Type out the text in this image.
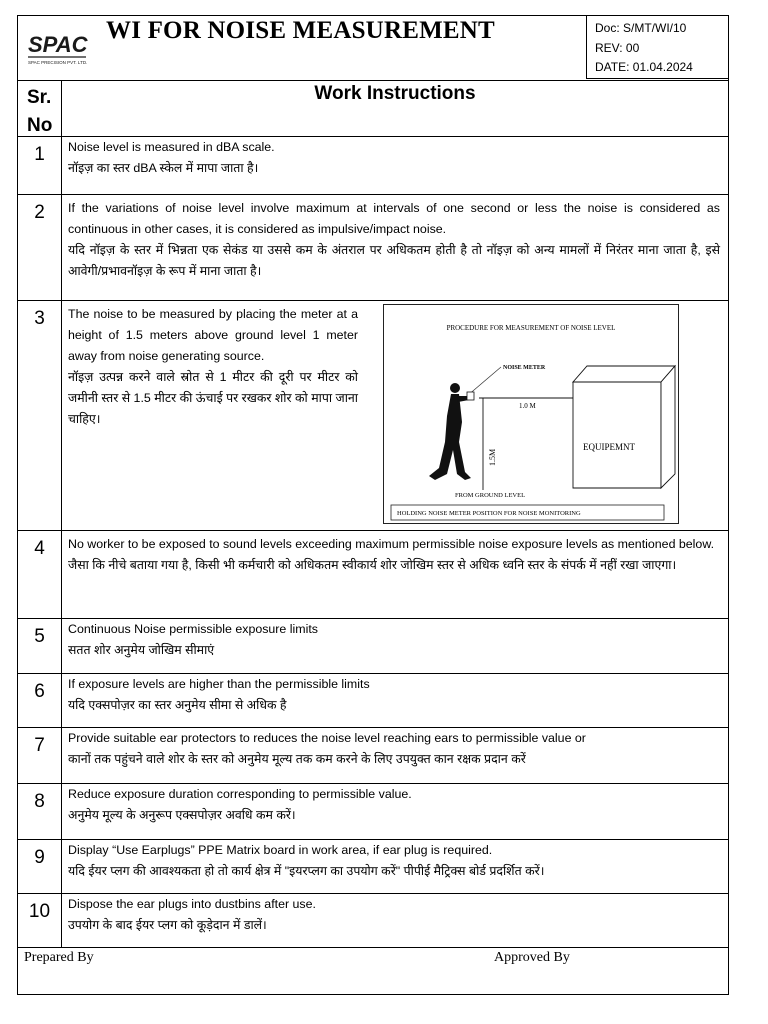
SPAC
SPAC PRECISION PVT. LTD.
WI FOR NOISE MEASUREMENT	Doc: S/MT/WI/10
REV: 00
DATE: 01.04.2024
Sr. No
Work Instructions
1	Noise level is measured in dBA scale.
नॉइज़ का स्तर dBA स्केल में मापा जाता है।
2	If the variations of noise level involve maximum at intervals of one second or less the noise is considered as continuous in other cases, it is considered as impulsive/impact noise.
यदि नॉइज़ के स्तर में भिन्नता एक सेकंड या उससे कम के अंतराल पर अधिकतम होती है तो नॉइज़ को अन्य मामलों में निरंतर माना जाता है, इसे आवेगी/प्रभावनॉइज़ के रूप में माना जाता है।
3	The noise to be measured by placing the meter at a height of 1.5 meters above ground level 1 meter away from noise generating source.
नॉइज़ उत्पन्न करने वाले स्रोत से 1 मीटर की दूरी पर मीटर को जमीनी स्तर से 1.5 मीटर की ऊंचाई पर रखकर शोर को मापा जाना चाहिए।
PROCEDURE FOR MEASUREMENT OF NOISE LEVEL
NOISE METER
1.0 M
1.5M
EQUIPEMNT
FROM GROUND LEVEL
HOLDING NOISE METER POSITION FOR NOISE MONITORING
4	No worker to be exposed to sound levels exceeding maximum permissible noise exposure levels as mentioned below.
जैसा कि नीचे बताया गया है, किसी भी कर्मचारी को अधिकतम स्वीकार्य शोर जोखिम स्तर से अधिक ध्वनि स्तर के संपर्क में नहीं रखा जाएगा।
5	Continuous Noise permissible exposure limits
सतत शोर अनुमेय जोखिम सीमाएं
6	If exposure levels are higher than the permissible limits
यदि एक्सपोज़र का स्तर अनुमेय सीमा से अधिक है
7	Provide suitable ear protectors to reduces the noise level reaching ears to permissible value or
कानों तक पहुंचने वाले शोर के स्तर को अनुमेय मूल्य तक कम करने के लिए उपयुक्त कान रक्षक प्रदान करें
8	Reduce exposure duration corresponding to permissible value.
अनुमेय मूल्य के अनुरूप एक्सपोज़र अवधि कम करें।
9	Display “Use Earplugs” PPE Matrix board in work area, if ear plug is required.
यदि ईयर प्लग की आवश्यकता हो तो कार्य क्षेत्र में "इयरप्लग का उपयोग करें" पीपीई मैट्रिक्स बोर्ड प्रदर्शित करें।
10	Dispose the ear plugs into dustbins after use.
उपयोग के बाद ईयर प्लग को कूड़ेदान में डालें।
Prepared By	Approved By
